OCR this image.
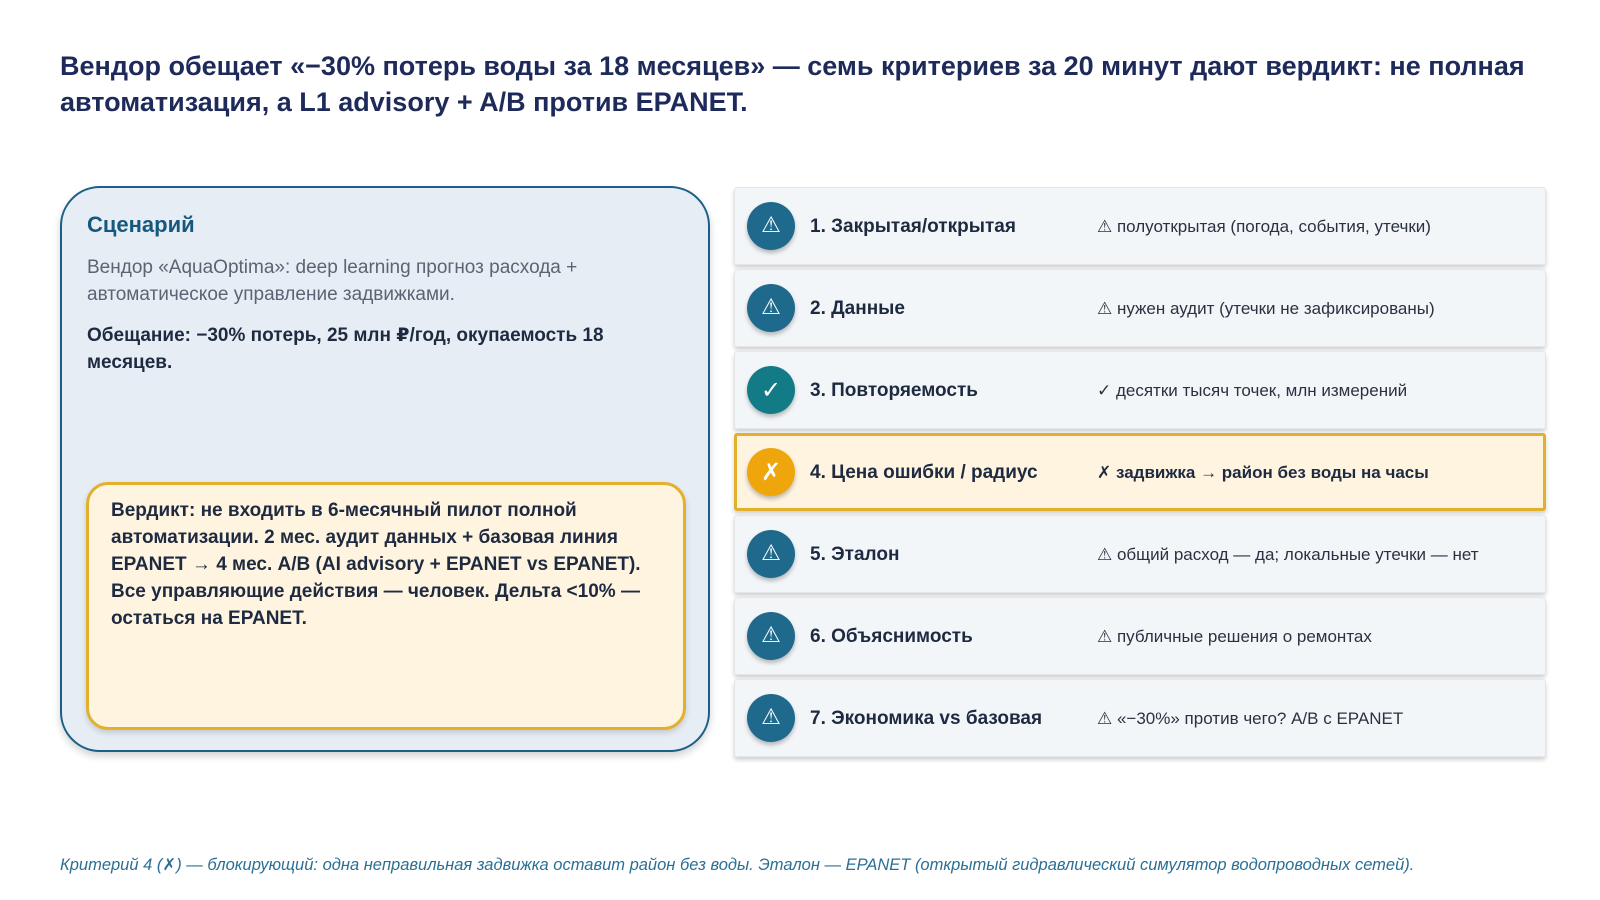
Вендор обещает «−30% потерь воды за 18 месяцев» — семь критериев за 20 минут дают вердикт: не полная автоматизация, а L1 advisory + A/B против EPANET.
Сценарий
Вендор «AquaOptima»: deep learning прогноз расхода + автоматическое управление задвижками.
Обещание: −30% потерь, 25 млн ₽/год, окупаемость 18 месяцев.
Вердикт: не входить в 6-месячный пилот полной автоматизации. 2 мес. аудит данных + базовая линия EPANET → 4 мес. A/B (AI advisory + EPANET vs EPANET). Все управляющие действия — человек. Дельта <10% — остаться на EPANET.
⚠	1. Закрытая/открытая	⚠ полуоткрытая (погода, события, утечки)
⚠	2. Данные	⚠ нужен аудит (утечки не зафиксированы)
✓	3. Повторяемость	✓ десятки тысяч точек, млн измерений
✗	4. Цена ошибки / радиус	✗ задвижка → район без воды на часы
⚠	5. Эталон	⚠ общий расход — да; локальные утечки — нет
⚠	6. Объяснимость	⚠ публичные решения о ремонтах
⚠	7. Экономика vs базовая	⚠ «−30%» против чего? A/B с EPANET
Критерий 4 (✗) — блокирующий: одна неправильная задвижка оставит район без воды. Эталон — EPANET (открытый гидравлический симулятор водопроводных сетей).
